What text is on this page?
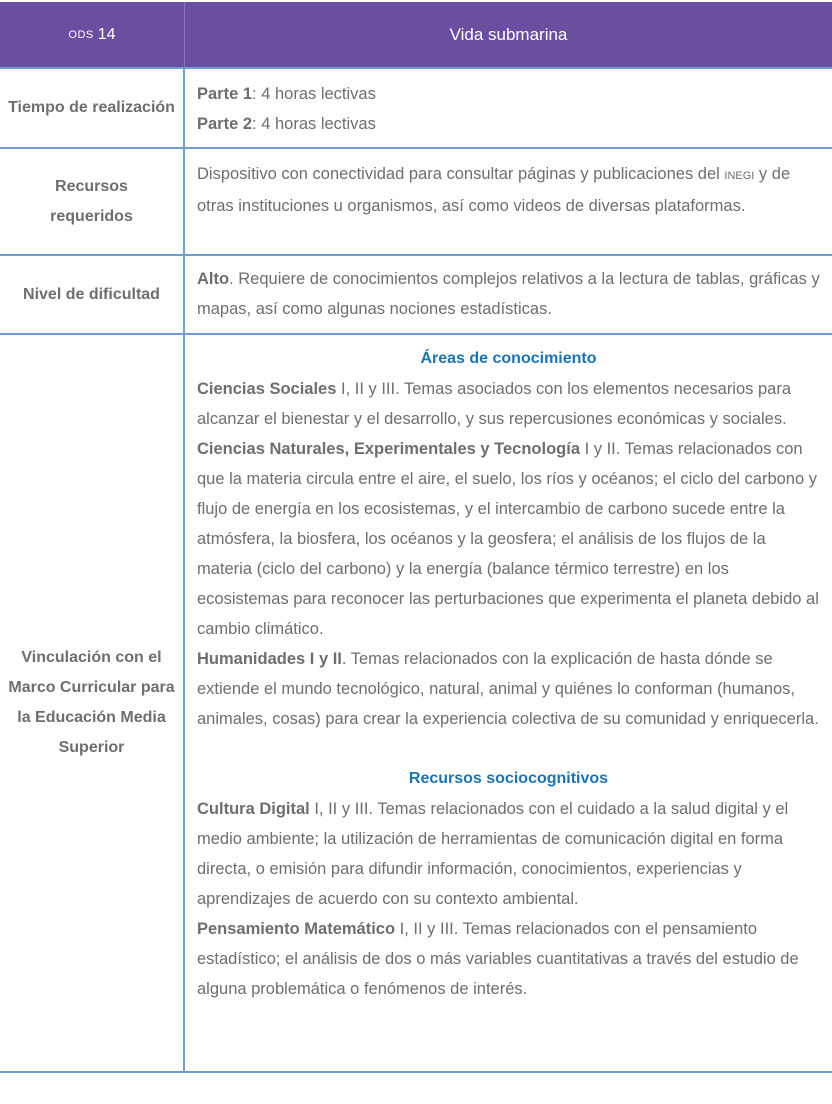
ODS 14	Vida submarina
Tiempo de realización
Parte 1: 4 horas lectivas
Parte 2: 4 horas lectivas
Recursos requeridos
Dispositivo con conectividad para consultar páginas y publicaciones del INEGI y de otras instituciones u organismos, así como videos de diversas plataformas.
Nivel de dificultad
Alto. Requiere de conocimientos complejos relativos a la lectura de tablas, gráficas y mapas, así como algunas nociones estadísticas.
Vinculación con el Marco Curricular para la Educación Media Superior
Áreas de conocimiento
Ciencias Sociales I, II y III. Temas asociados con los elementos necesarios para alcanzar el bienestar y el desarrollo, y sus repercusiones económicas y sociales.
Ciencias Naturales, Experimentales y Tecnología I y II. Temas relacionados con que la materia circula entre el aire, el suelo, los ríos y océanos; el ciclo del carbono y flujo de energía en los ecosistemas, y el intercambio de carbono sucede entre la atmósfera, la biosfera, los océanos y la geosfera; el análisis de los flujos de la materia (ciclo del carbono) y la energía (balance térmico terrestre) en los ecosistemas para reconocer las perturbaciones que experimenta el planeta debido al cambio climático.
Humanidades I y II. Temas relacionados con la explicación de hasta dónde se extiende el mundo tecnológico, natural, animal y quiénes lo conforman (humanos, animales, cosas) para crear la experiencia colectiva de su comunidad y enriquecerla.
Recursos sociocognitivos
Cultura Digital I, II y III. Temas relacionados con el cuidado a la salud digital y el medio ambiente; la utilización de herramientas de comunicación digital en forma directa, o emisión para difundir información, conocimientos, experiencias y aprendizajes de acuerdo con su contexto ambiental.
Pensamiento Matemático I, II y III. Temas relacionados con el pensamiento estadístico; el análisis de dos o más variables cuantitativas a través del estudio de alguna problemática o fenómenos de interés.
